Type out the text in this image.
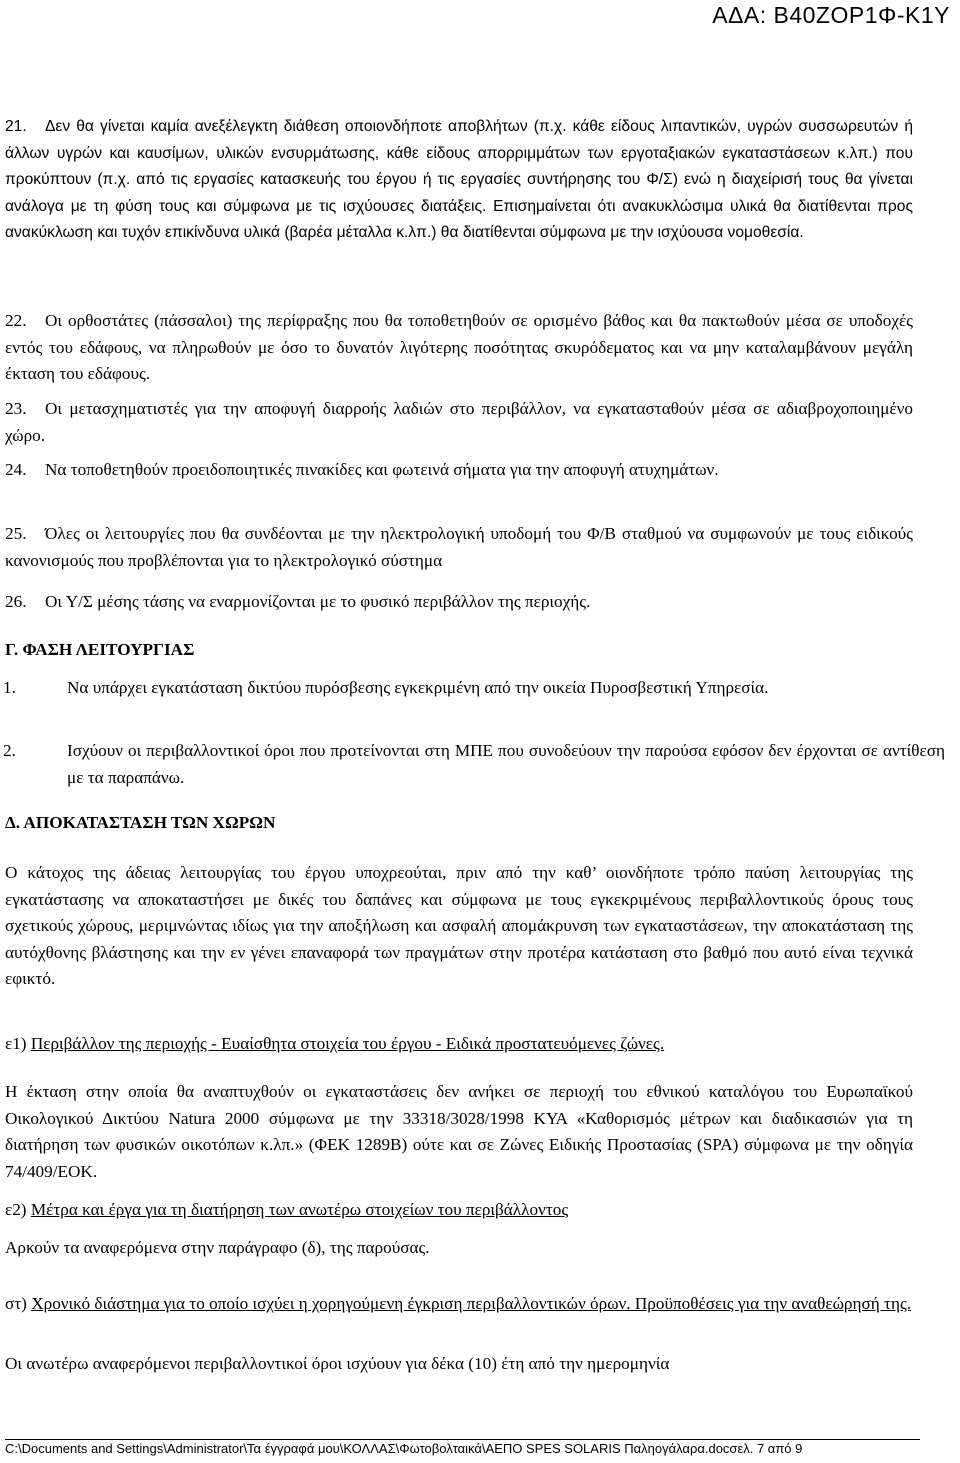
ΑΔΑ: Β40ΖΟΡ1Φ-Κ1Υ

21. Δεν θα γίνεται καμία ανεξέλεγκτη διάθεση οποιονδήποτε αποβλήτων (π.χ. κάθε είδους λιπαντικών, υγρών συσσωρευτών ή άλλων υγρών και καυσίμων, υλικών ενσυρμάτωσης, κάθε είδους απορριμμάτων των εργοταξιακών εγκαταστάσεων κ.λπ.) που προκύπτουν (π.χ. από τις εργασίες κατασκευής του έργου ή τις εργασίες συντήρησης του Φ/Σ) ενώ η διαχείρισή τους θα γίνεται ανάλογα με τη φύση τους και σύμφωνα με τις ισχύουσες διατάξεις. Επισημαίνεται ότι ανακυκλώσιμα υλικά θα διατίθενται προς ανακύκλωση και τυχόν επικίνδυνα υλικά (βαρέα μέταλλα κ.λπ.) θα διατίθενται σύμφωνα με την ισχύουσα νομοθεσία.

22. Οι ορθοστάτες (πάσσαλοι) της περίφραξης που θα τοποθετηθούν σε ορισμένο βάθος και θα πακτωθούν μέσα σε υποδοχές εντός του εδάφους, να πληρωθούν με όσο το δυνατόν λιγότερης ποσότητας σκυρόδεματος και να μην καταλαμβάνουν μεγάλη έκταση του εδάφους.

23. Οι μετασχηματιστές για την αποφυγή διαρροής λαδιών στο περιβάλλον, να εγκατασταθούν μέσα σε αδιαβροχοποιημένο χώρο.

24. Να τοποθετηθούν προειδοποιητικές πινακίδες και φωτεινά σήματα για την αποφυγή ατυχημάτων.

25. Όλες οι λειτουργίες που θα συνδέονται με την ηλεκτρολογική υποδομή του Φ/Β σταθμού να συμφωνούν με τους ειδικούς κανονισμούς που προβλέπονται για το ηλεκτρολογικό σύστημα

26. Οι Υ/Σ μέσης τάσης να εναρμονίζονται με το φυσικό περιβάλλον της περιοχής.

Γ. ΦΑΣΗ ΛΕΙΤΟΥΡΓΙΑΣ

1.	Να υπάρχει εγκατάσταση δικτύου πυρόσβεσης εγκεκριμένη από την οικεία Πυροσβεστική Υπηρεσία.

2.	Ισχύουν οι περιβαλλοντικοί όροι που προτείνονται στη ΜΠΕ που συνοδεύουν την παρούσα εφόσον δεν έρχονται σε αντίθεση με τα παραπάνω.

Δ. ΑΠΟΚΑΤΑΣΤΑΣΗ ΤΩΝ ΧΩΡΩΝ

Ο κάτοχος της άδειας λειτουργίας του έργου υποχρεούται, πριν από την καθ’ οιονδήποτε τρόπο παύση λειτουργίας της εγκατάστασης να αποκαταστήσει με δικές του δαπάνες και σύμφωνα με τους εγκεκριμένους περιβαλλοντικούς όρους τους σχετικούς χώρους, μεριμνώντας ιδίως για την αποξήλωση και ασφαλή απομάκρυνση των εγκαταστάσεων, την αποκατάσταση της αυτόχθονης βλάστησης και την εν γένει επαναφορά των πραγμάτων στην προτέρα κατάσταση στο βαθμό που αυτό είναι τεχνικά εφικτό.

ε1) Περιβάλλον της περιοχής - Ευαίσθητα στοιχεία του έργου - Ειδικά προστατευόμενες ζώνες.

Η έκταση στην οποία θα αναπτυχθούν οι εγκαταστάσεις δεν ανήκει σε περιοχή του εθνικού καταλόγου του Ευρωπαϊκού Οικολογικού Δικτύου Natura 2000 σύμφωνα με την 33318/3028/1998 ΚΥΑ «Καθορισμός μέτρων και διαδικασιών για τη διατήρηση των φυσικών οικοτόπων κ.λπ.» (ΦΕΚ 1289Β) ούτε και σε Ζώνες Ειδικής Προστασίας (SPA) σύμφωνα με την οδηγία 74/409/ΕΟΚ.

ε2) Μέτρα και έργα για τη διατήρηση των ανωτέρω στοιχείων του περιβάλλοντος

Αρκούν τα αναφερόμενα στην παράγραφο (δ), της παρούσας.

στ) Χρονικό διάστημα για το οποίο ισχύει η χορηγούμενη έγκριση περιβαλλοντικών όρων. Προϋποθέσεις για την αναθεώρησή της.

Οι ανωτέρω αναφερόμενοι περιβαλλοντικοί όροι ισχύουν για δέκα (10) έτη από την ημερομηνία

C:\Documents and Settings\Administrator\Τα έγγραφά μου\ΚΟΛΛΑΣ\Φωτοβολταικά\ΑΕΠΟ SPES SOLARIS Παληογάλαρα.docσελ. 7 από 9
